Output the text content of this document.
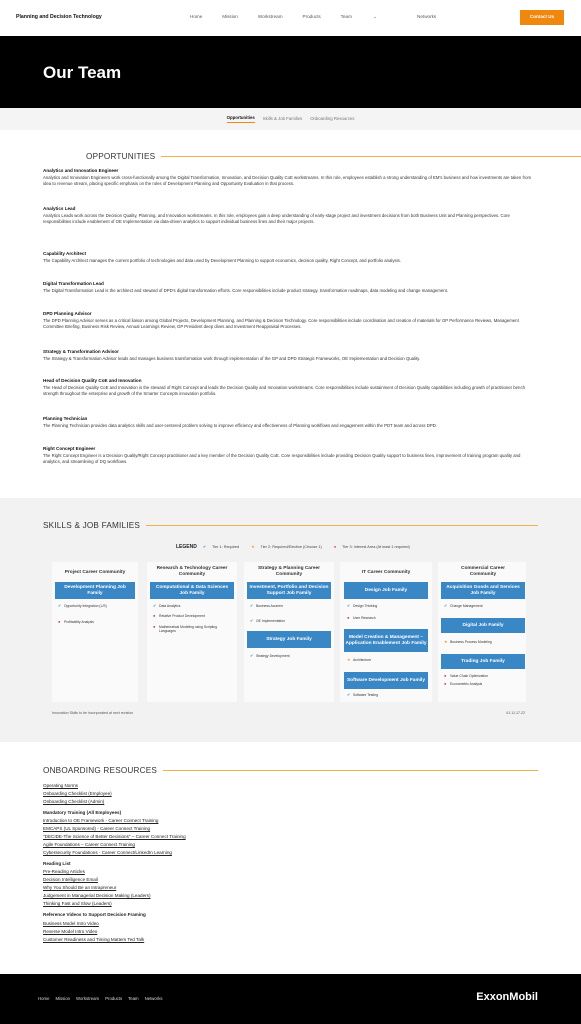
Planning and Decision Technology	Home	Mission	Workstream	Products	Team	⌄	Networks	Contact Us
Our Team
Opportunities Skills & Job Families Onboarding Resources
OPPORTUNITIES
Analytics and Innovation Engineer

Analytics and Innovation Engineers work cross-functionally among the Digital Transformation, Innovation, and Decision Quality CoE workstreams. In this role, employees establish a strong understanding of EM's business and how investments are taken from idea to revenue stream, placing specific emphasis on the roles of Development Planning and Opportunity Evaluation in that process.

Analytics Lead

Analytics Leads work across the Decision Quality, Planning, and Innovation workstreams. In this role, employees gain a deep understanding of early-stage project and investment decisions from both Business Unit and Planning perspectives. Core responsibilities include enablement of OE Implementation via data-driven analytics to support individual business lines and their major projects.

Capability Architect

The Capability Architect manages the current portfolio of technologies and data used by Development Planning to support economics, decision quality, Right Concept, and portfolio analysis.

Digital Transformation Lead

The Digital Transformation Lead is the architect and steward of DPD's digital transformation efforts. Core responsibilities include product strategy, transformation roadmaps, data modeling and change management.

DPD Planning Advisor

The DPD Planning Advisor serves as a critical liaison among Global Projects, Development Planning, and Planning & Decision Technology. Core responsibilities include coordination and creation of materials for GP Performance Reviews, Management Committee Briefing, Business Risk Review, Annual Learnings Review, GP President deep dives and Investment Reappraisal Processes.

Strategy & Transformation Advisor

The Strategy & Transformation Advisor leads and manages business transformation work through implementation of the GP and DPD Strategic Frameworks, OE Implementation and Decision Quality.

Head of Decision Quality CoE and Innovation

The Head of Decision Quality CoE and Innovation is the steward of Right Concept and leads the Decision Quality and Innovation workstreams. Core responsibilities include sustainment of Decision Quality capabilities including growth of practitioner bench strength throughout the enterprise and growth of the Smarter Concepts innovation portfolio.

Planning Technician

The Planning Technician provides data analytics skills and user-centered problem solving to improve efficiency and effectiveness of Planning workflows and engagement within the PDT team and across DPD.

Right Concept Engineer

The Right Concept Engineer is a Decision Quality/Right Concept practitioner and a key member of the Decision Quality CoE. Core responsibilities include providing Decision Quality support to business lines, improvement of training program quality and analytics, and streamlining of DQ workflows.

SKILLS & JOB FAMILIES
LEGEND ✔ Tier 1: Required	★ Tier 2: Required/Elective (Choose 1)	● Tier 3: Interest Area (At least 1 required)
Project Career Community
Research & Technology Career Community
Strategy & Planning Career Community	IT Career Community
Commercial Career Community
Development Planning Job Family
Computational & Data Sciences Job Family
Investment, Portfolio and Decision Support Job Family
Strategy Job Family
Design Job Family
Model Creation & Management – Application Enablement Job Family
Software Development Job Family
Acquisition Goods and Services Job Family
Digital Job Family
Trading Job Family
✔ Opportunity Integration (L/S)
●	Profitability Analysis
✔ Data Analytics
●	Relative Product Development
●	Mathematical Modeling using Scripting Languages
✔ Business Acumen
✔ OE Implementation
✔ Strategy Development
✔ Design Thinking
●	User Research
★ Architecture
✔ Software Testing
✔ Change Management
★ Business Process Modeling
●	Value Chain Optimization
●	Econometric Analysis
Innovation Skills to be incorporated at next revision	01.11.17.22
ONBOARDING RESOURCES
Operating Norms
Onboarding Checklist (Employee)
Onboarding Checklist (Admin)
Mandatory Training (All Employees)
Introduction to OE Framework - Career Connect Training
EMCAPS (UL Sponsored) - Career Connect Training
"DECIDE-The Science of Better Decisions" – Career Connect Training
Agile Foundations – Career Connect Training
Cybersecurity Foundations - Career Connect/LinkedIn Learning
Reading List
Pre-Reading Articles
Decision Intelligence Email
Why You Should Be an Intrapreneur
Judgement in Managerial Decision Making (Leaders)
Thinking Fast and Slow (Leaders)
Reference Videos to Support Decision Framing
Business Model Intro Video
Reverse Model Intro Video
Customer Readiness and Timing Matters Ted Talk
Home Mission Workstream Products Team Networks	ExxonMobil
